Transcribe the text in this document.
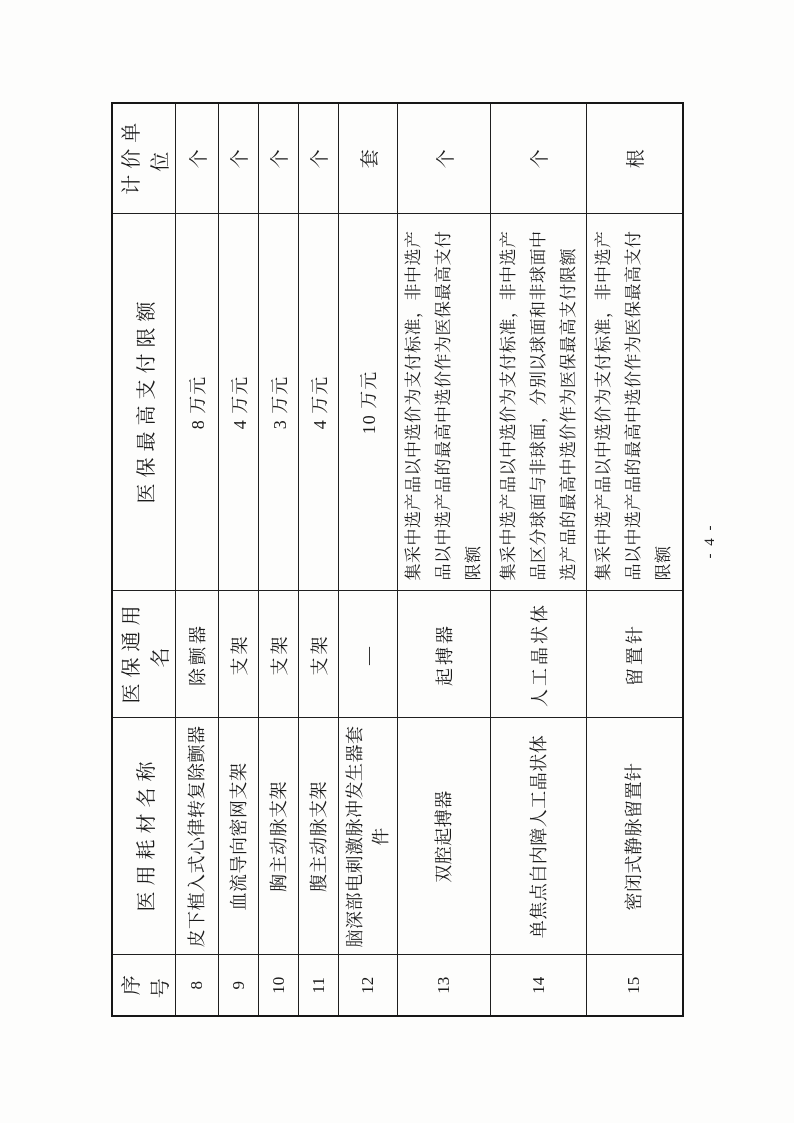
序号	医用耗材名称	医保通用名	医保最高支付限额	计价单位
8	皮下植入式心律转复除颤器	除颤器	8 万元	个
9	血流导向密网支架	支架	4 万元	个
10	胸主动脉支架	支架	3 万元	个
11	腹主动脉支架	支架	4 万元	个
12	脑深部电刺激脉冲发生器套件	—	10 万元	套
13	双腔起搏器	起搏器	集采中选产品以中选价为支付标准，非中选产品以中选产品的最高中选价作为医保最高支付限额	个
14	单焦点白内障人工晶状体	人工晶状体	集采中选产品以中选价为支付标准，非中选产品区分球面与非球面，分别以球面和非球面中选产品的最高中选价作为医保最高支付限额	个
15	密闭式静脉留置针	留置针	集采中选产品以中选价为支付标准，非中选产品以中选产品的最高中选价作为医保最高支付限额	根
- 4 -
